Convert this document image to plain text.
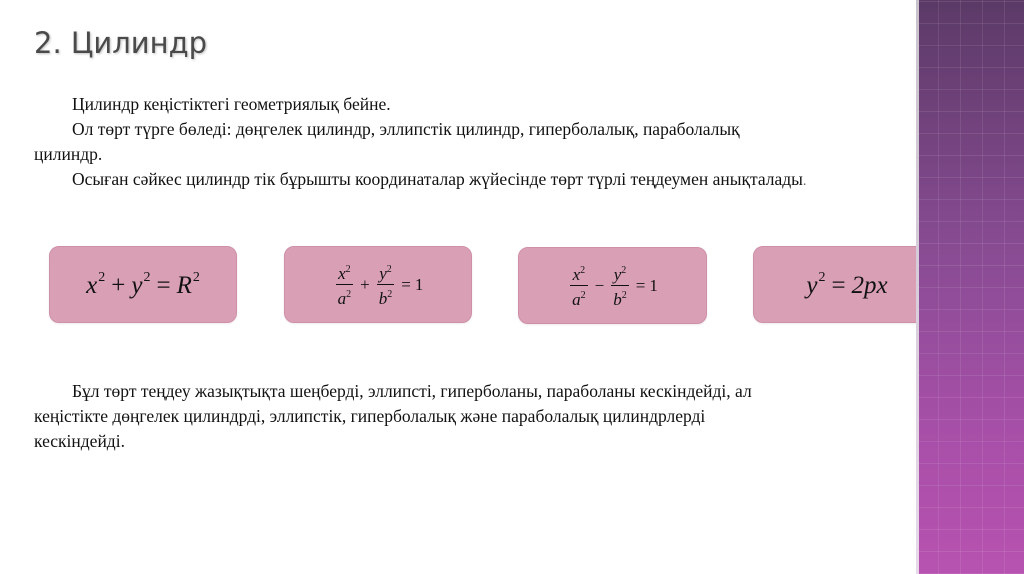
2. Цилиндр

Цилиндр кеңістіктегі геометриялық бейне.
Ол төрт түрге бөледі: дөңгелек цилиндр, эллипстік цилиндр, гиперболалық, параболалық
цилиндр.
Осыған сәйкес цилиндр тік бұрышты координаталар жүйесінде төрт түрлі теңдеумен анықталады.

$x^2 + y^2 = R^2$	$\frac{x^2}{a^2} + \frac{y^2}{b^2} = 1$	$\frac{x^2}{a^2} - \frac{y^2}{b^2} = 1$	$y^2 = 2px$

Бұл төрт теңдеу жазықтықта шеңберді, эллипсті, гиперболаны, параболаны кескіндейді, ал
кеңістікте дөңгелек цилиндрді, эллипстік, гиперболалық және параболалық цилиндрлерді
кескіндейді.
